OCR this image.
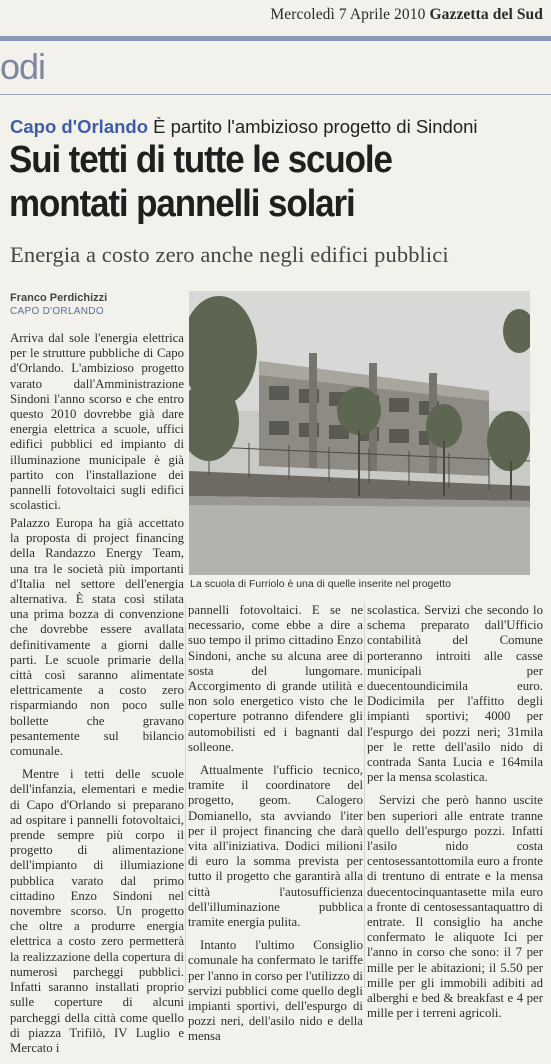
Mercoledì 7 Aprile 2010 Gazzetta del Sud
odi
Capo d'Orlando È partito l'ambizioso progetto di Sindoni
Sui tetti di tutte le scuole
montati pannelli solari
Energia a costo zero anche negli edifici pubblici
Franco Perdichizzi
CAPO D'ORLANDO

Arriva dal sole l'energia elettrica per le strutture pubbliche di Capo d'Orlando. L'ambizioso progetto varato dall'Amministrazione Sindoni l'anno scorso e che entro questo 2010 dovrebbe già dare energia elettrica a scuole, uffici edifici pubblici ed impianto di illuminazione municipale è già partito con l'installazione dei pannelli fotovoltaici sugli edifici scolastici.

Palazzo Europa ha già accettato la proposta di project financing della Randazzo Energy Team, una tra le società più importanti d'Italia nel settore dell'energia alternativa. È stata così stilata una prima bozza di convenzione che dovrebbe essere avallata definitivamente a giorni dalle parti. Le scuole primarie della città così saranno alimentate elettricamente a costo zero risparmiando non poco sulle bollette che gravano pesantemente sul bilancio comunale.

Mentre i tetti delle scuole dell'infanzia, elementari e medie di Capo d'Orlando si preparano ad ospitare i pannelli fotovoltaici, prende sempre più corpo il progetto di alimentazione dell'impianto di illumiazione pubblica varato dal primo cittadino Enzo Sindoni nel novembre scorso. Un progetto che oltre a produrre energia elettrica a costo zero permetterà la realizzazione della copertura di numerosi parcheggi pubblici. Infatti saranno installati proprio sulle coperture di alcuni parcheggi della città come quello di piazza Trifilò, IV Luglio e Mercato i

La scuola di Furriolo è una di quelle inserite nel progetto

pannelli fotovoltaici. E se ne necessario, come ebbe a dire a suo tempo il primo cittadino Enzo Sindoni, anche su alcuna aree di sosta del lungomare. Accorgimento di grande utilità e non solo energetico visto che le coperture potranno difendere gli automobilisti ed i bagnanti dal solleone.

Attualmente l'ufficio tecnico, tramite il coordinatore del progetto, geom. Calogero Domianello, sta avviando l'iter per il project financing che darà vita all'iniziativa. Dodici milioni di euro la somma prevista per tutto il progetto che garantirà alla città l'autosufficienza dell'illuminazione pubblica tramite energia pulita.

Intanto l'ultimo Consiglio comunale ha confermato le tariffe per l'anno in corso per l'utilizzo di servizi pubblici come quello degli impianti sportivi, dell'espurgo di pozzi neri, dell'asilo nido e della mensa

scolastica. Servizi che secondo lo schema preparato dall'Ufficio contabilità del Comune porteranno introiti alle casse municipali per duecentoundicimila euro. Dodicimila per l'affitto degli impianti sportivi; 4000 per l'espurgo dei pozzi neri; 31mila per le rette dell'asilo nido di contrada Santa Lucia e 164mila per la mensa scolastica.

Servizi che però hanno uscite ben superiori alle entrate tranne quello dell'espurgo pozzi. Infatti l'asilo nido costa centosessantottomila euro a fronte di trentuno di entrate e la mensa duecentocinquantasette mila euro a fronte di centosessantaquattro di entrate. Il consiglio ha anche confermato le aliquote Ici per l'anno in corso che sono: il 7 per mille per le abitazioni; il 5.50 per mille per gli immobili adibiti ad alberghi e bed & breakfast e 4 per mille per i terreni agricoli.
